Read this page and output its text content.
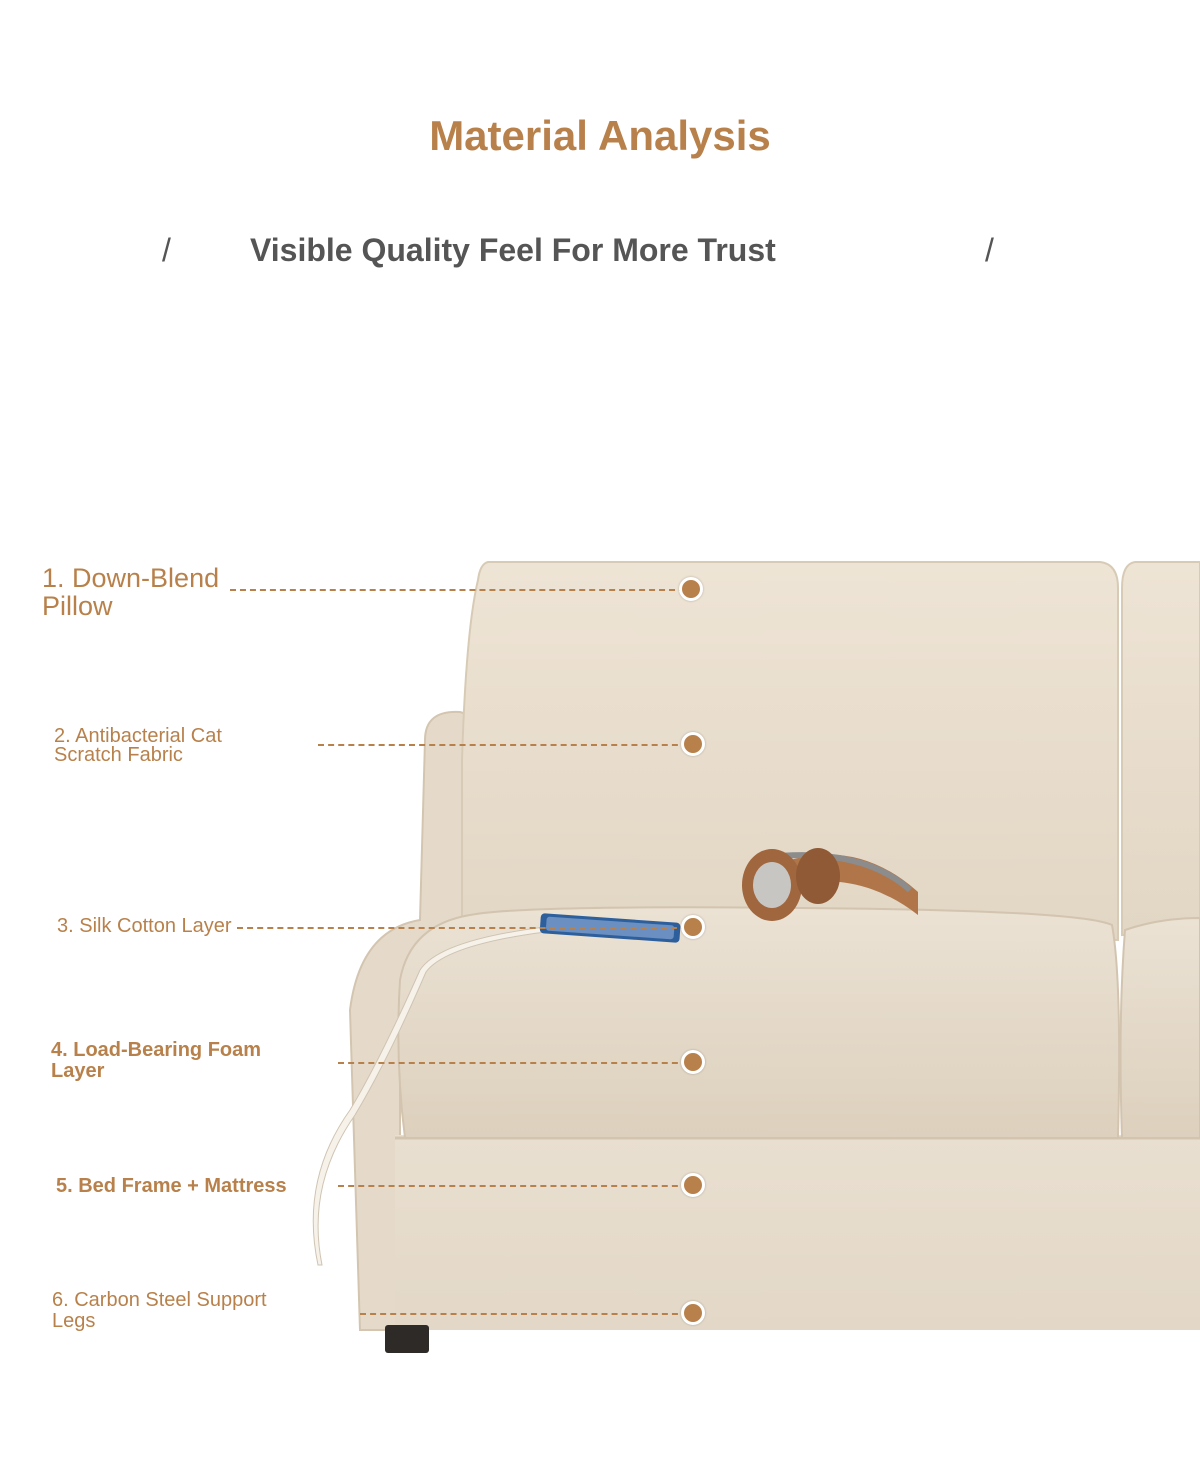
Material Analysis
/ Visible Quality Feel For More Trust	/
1. Down-Blend Pillow
2. Antibacterial Cat Scratch Fabric
3. Silk Cotton Layer
4. Load-Bearing Foam Layer
5. Bed Frame + Mattress
6. Carbon Steel Support Legs
